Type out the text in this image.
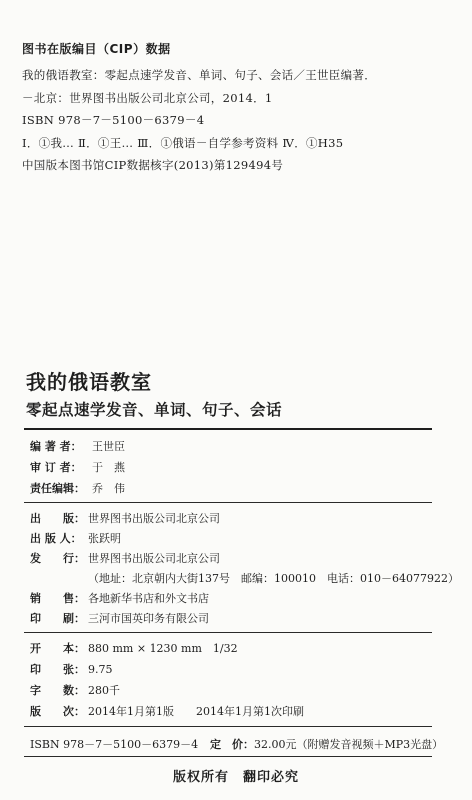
图书在版编目（CIP）数据
我的俄语教室：零起点速学发音、单词、句子、会话／王世臣编著．
－北京：世界图书出版公司北京公司，2014．1
ISBN 978－7－5100－6379－4
Ⅰ．①我… Ⅱ．①王… Ⅲ．①俄语－自学参考资料 Ⅳ．①H35
中国版本图书馆CIP数据核字(2013)第129494号
我的俄语教室
零起点速学发音、单词、句子、会话
编 著 者： 王世臣
审 订 者： 于　燕
责任编辑： 乔　伟
出　　版： 世界图书出版公司北京公司
出 版 人： 张跃明
发　　行： 世界图书出版公司北京公司
（地址：北京朝内大街137号　邮编：100010　电话：010－64077922）
销　　售： 各地新华书店和外文书店
印　　刷： 三河市国英印务有限公司
开　　本： 880 mm × 1230 mm　1/32
印　　张： 9.75
字　　数： 280千
版　　次： 2014年1月第1版　　2014年1月第1次印刷
ISBN 978－7－5100－6379－4 定　价：32.00元（附赠发音视频＋MP3光盘）
版权所有　翻印必究
